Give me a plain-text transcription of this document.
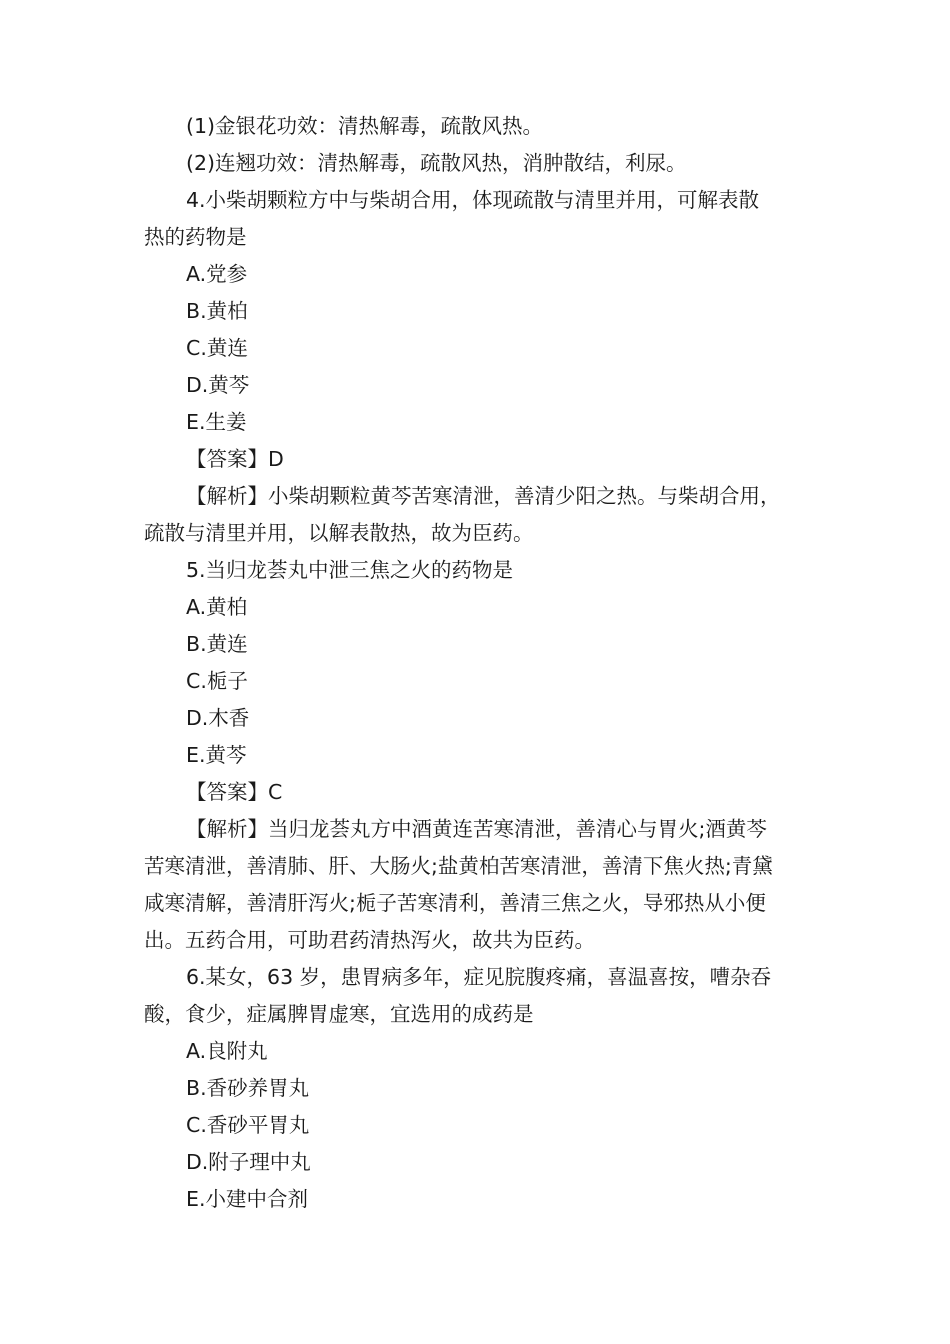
(1)金银花功效：清热解毒，疏散风热。
(2)连翘功效：清热解毒，疏散风热，消肿散结，利尿。
4.小柴胡颗粒方中与柴胡合用，体现疏散与清里并用，可解表散
热的药物是
A.党参
B.黄柏
C.黄连
D.黄芩
E.生姜
【答案】D
【解析】小柴胡颗粒黄芩苦寒清泄，善清少阳之热。与柴胡合用，
疏散与清里并用，以解表散热，故为臣药。
5.当归龙荟丸中泄三焦之火的药物是
A.黄柏
B.黄连
C.栀子
D.木香
E.黄芩
【答案】C
【解析】当归龙荟丸方中酒黄连苦寒清泄，善清心与胃火;酒黄芩
苦寒清泄，善清肺、肝、大肠火;盐黄柏苦寒清泄，善清下焦火热;青黛
咸寒清解，善清肝泻火;栀子苦寒清利，善清三焦之火，导邪热从小便
出。五药合用，可助君药清热泻火，故共为臣药。
6.某女，63 岁，患胃病多年，症见脘腹疼痛，喜温喜按，嘈杂吞
酸，食少，症属脾胃虚寒，宜选用的成药是
A.良附丸
B.香砂养胃丸
C.香砂平胃丸
D.附子理中丸
E.小建中合剂
